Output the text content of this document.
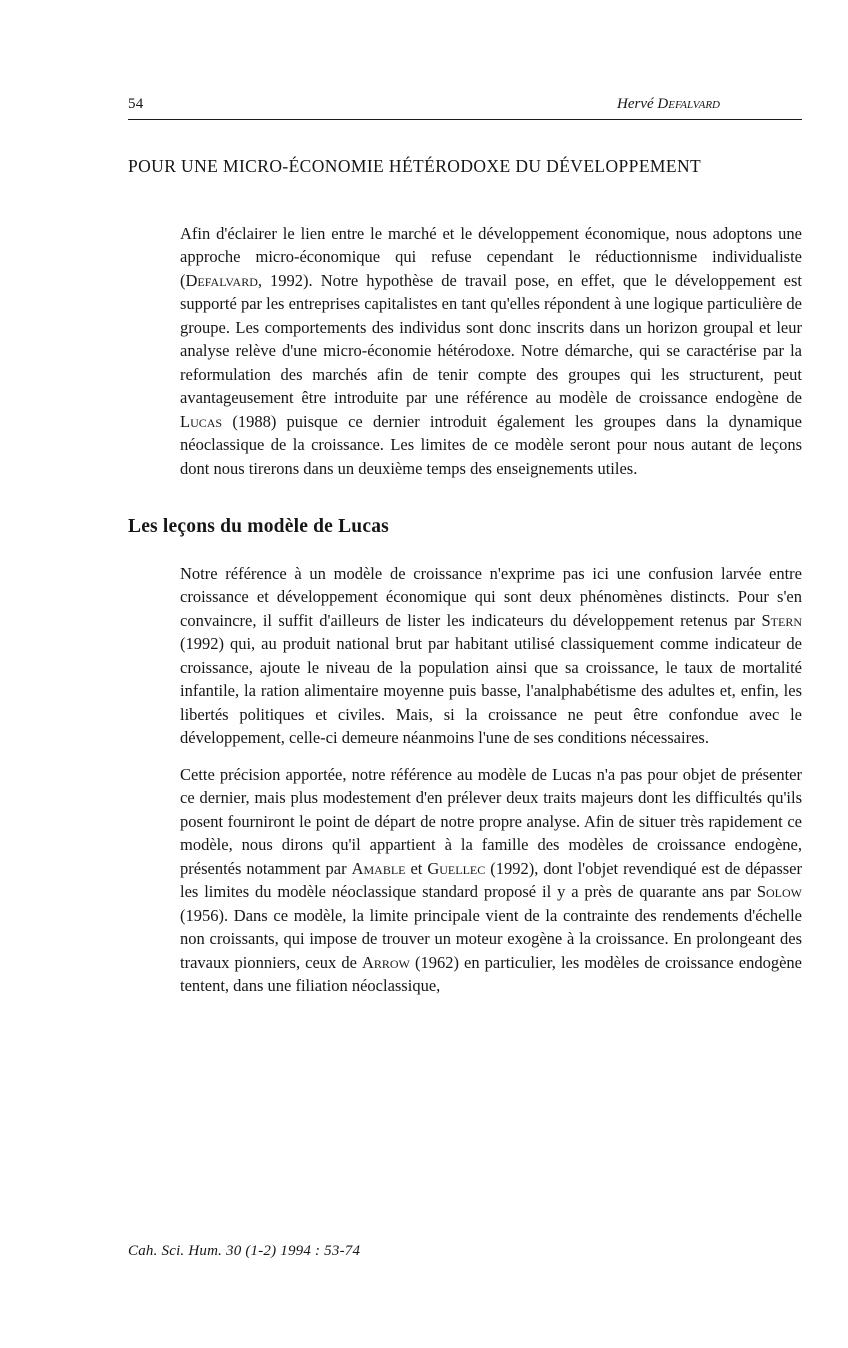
54	Hervé Defalvard
POUR UNE MICRO-ÉCONOMIE HÉTÉRODOXE DU DÉVELOPPEMENT

Afin d'éclairer le lien entre le marché et le développement économique, nous adoptons une approche micro-économique qui refuse cependant le réductionnisme individualiste (Defalvard, 1992). Notre hypothèse de travail pose, en effet, que le développement est supporté par les entreprises capitalistes en tant qu'elles répondent à une logique particulière de groupe. Les comportements des individus sont donc inscrits dans un horizon groupal et leur analyse relève d'une micro-économie hétérodoxe. Notre démarche, qui se caractérise par la reformulation des marchés afin de tenir compte des groupes qui les structurent, peut avantageusement être introduite par une référence au modèle de croissance endogène de Lucas (1988) puisque ce dernier introduit également les groupes dans la dynamique néoclassique de la croissance. Les limites de ce modèle seront pour nous autant de leçons dont nous tirerons dans un deuxième temps des enseignements utiles.

Les leçons du modèle de Lucas

Notre référence à un modèle de croissance n'exprime pas ici une confusion larvée entre croissance et développement économique qui sont deux phénomènes distincts. Pour s'en convaincre, il suffit d'ailleurs de lister les indicateurs du développement retenus par Stern (1992) qui, au produit national brut par habitant utilisé classiquement comme indicateur de croissance, ajoute le niveau de la population ainsi que sa croissance, le taux de mortalité infantile, la ration alimentaire moyenne puis basse, l'analphabétisme des adultes et, enfin, les libertés politiques et civiles. Mais, si la croissance ne peut être confondue avec le développement, celle-ci demeure néanmoins l'une de ses conditions nécessaires.

Cette précision apportée, notre référence au modèle de Lucas n'a pas pour objet de présenter ce dernier, mais plus modestement d'en prélever deux traits majeurs dont les difficultés qu'ils posent fourniront le point de départ de notre propre analyse. Afin de situer très rapidement ce modèle, nous dirons qu'il appartient à la famille des modèles de croissance endogène, présentés notamment par Amable et Guellec (1992), dont l'objet revendiqué est de dépasser les limites du modèle néoclassique standard proposé il y a près de quarante ans par Solow (1956). Dans ce modèle, la limite principale vient de la contrainte des rendements d'échelle non croissants, qui impose de trouver un moteur exogène à la croissance. En prolongeant des travaux pionniers, ceux de Arrow (1962) en particulier, les modèles de croissance endogène tentent, dans une filiation néoclassique,

Cah. Sci. Hum. 30 (1-2) 1994 : 53-74
